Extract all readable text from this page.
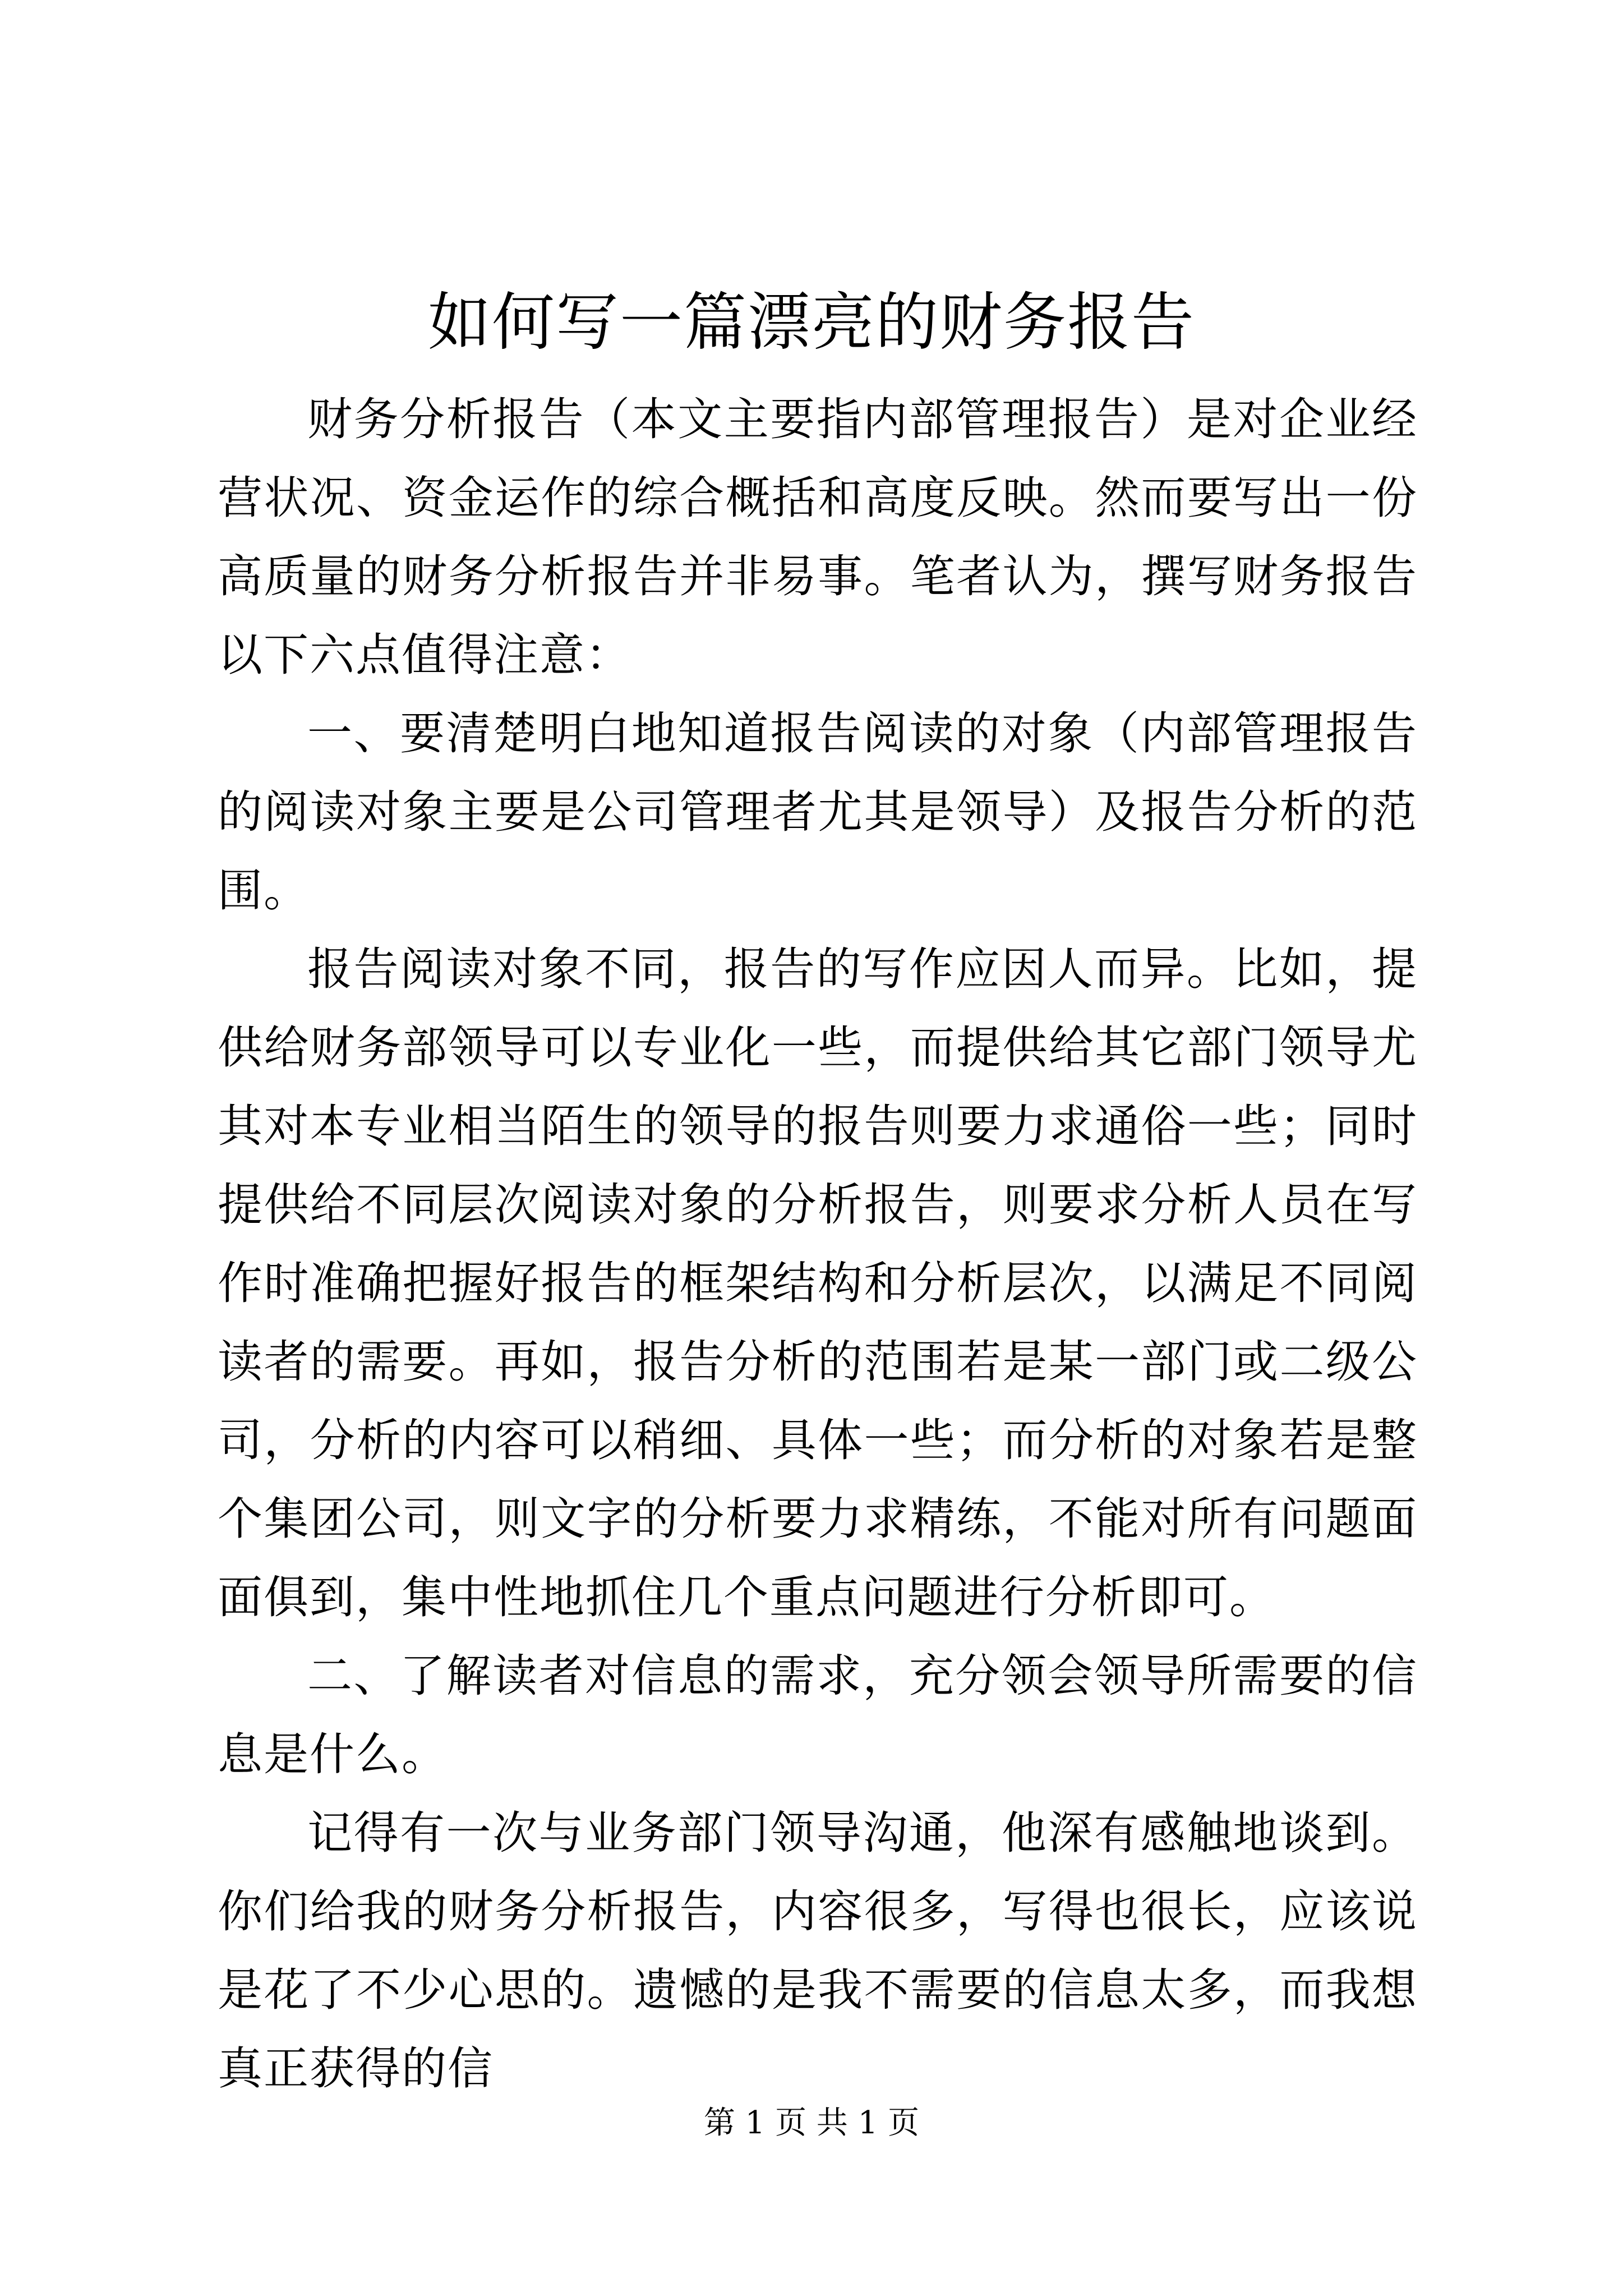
如何写一篇漂亮的财务报告

财务分析报告（本文主要指内部管理报告）是对企业经营状况、资金运作的综合概括和高度反映。然而要写出一份高质量的财务分析报告并非易事。笔者认为，撰写财务报告以下六点值得注意：

一、要清楚明白地知道报告阅读的对象（内部管理报告的阅读对象主要是公司管理者尤其是领导）及报告分析的范围。

报告阅读对象不同，报告的写作应因人而异。比如，提供给财务部领导可以专业化一些，而提供给其它部门领导尤其对本专业相当陌生的领导的报告则要力求通俗一些；同时提供给不同层次阅读对象的分析报告，则要求分析人员在写作时准确把握好报告的框架结构和分析层次，以满足不同阅读者的需要。再如，报告分析的范围若是某一部门或二级公司，分析的内容可以稍细、具体一些；而分析的对象若是整个集团公司，则文字的分析要力求精练，不能对所有问题面面俱到，集中性地抓住几个重点问题进行分析即可。

二、了解读者对信息的需求，充分领会领导所需要的信息是什么。

记得有一次与业务部门领导沟通，他深有感触地谈到。你们给我的财务分析报告，内容很多，写得也很长，应该说是花了不少心思的。遗憾的是我不需要的信息太多，而我想真正获得的信

第 1 页 共 1 页
